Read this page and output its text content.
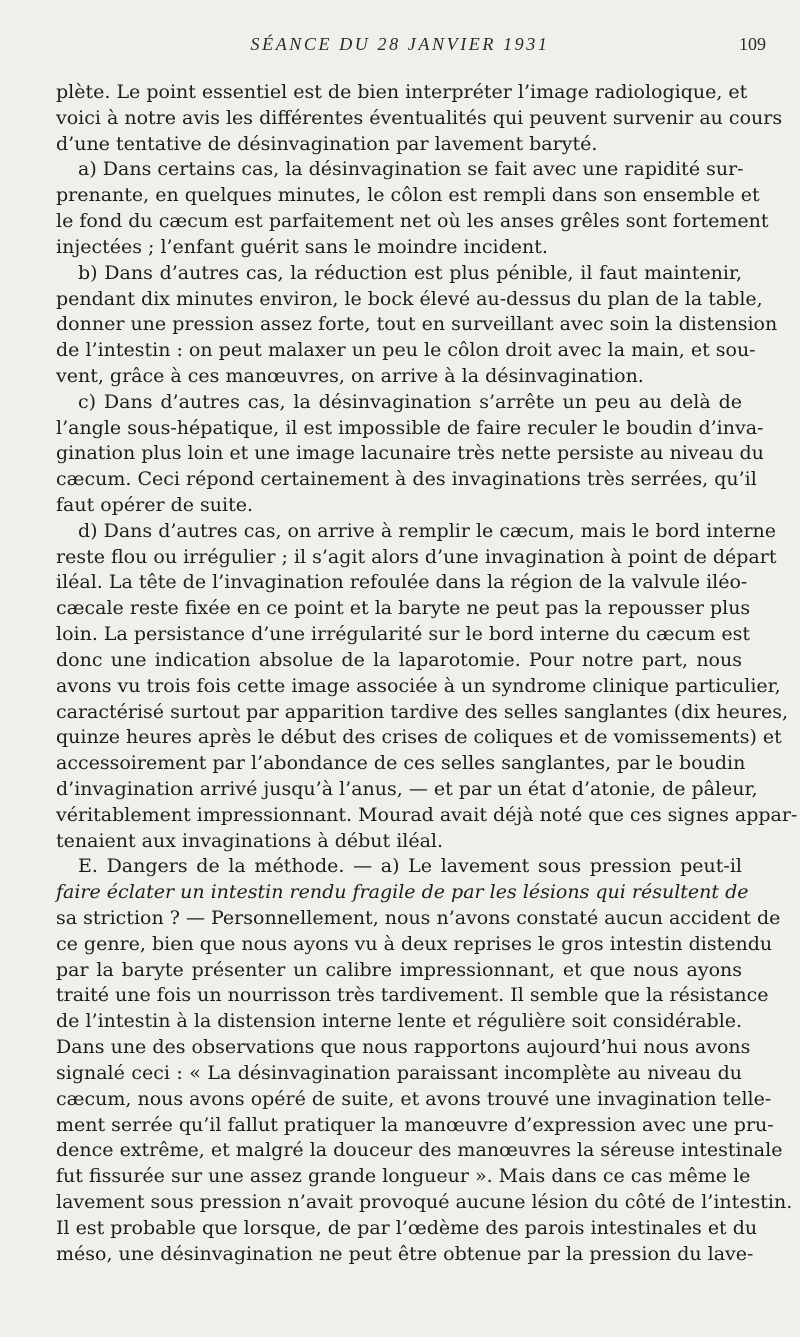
SÉANCE DU 28 JANVIER 1931	109
plète. Le point essentiel est de bien interpréter l’image radiologique, et
voici à notre avis les différentes éventualités qui peuvent survenir au cours
d’une tentative de désinvagination par lavement baryté.
a) Dans certains cas, la désinvagination se fait avec une rapidité sur-
prenante, en quelques minutes, le côlon est rempli dans son ensemble et
le fond du cæcum est parfaitement net où les anses grêles sont fortement
injectées ; l’enfant guérit sans le moindre incident.
b) Dans d’autres cas, la réduction est plus pénible, il faut maintenir,
pendant dix minutes environ, le bock élevé au-dessus du plan de la table,
donner une pression assez forte, tout en surveillant avec soin la distension
de l’intestin : on peut malaxer un peu le côlon droit avec la main, et sou-
vent, grâce à ces manœuvres, on arrive à la désinvagination.
c) Dans d’autres cas, la désinvagination s’arrête un peu au delà de
l’angle sous-hépatique, il est impossible de faire reculer le boudin d’inva-
gination plus loin et une image lacunaire très nette persiste au niveau du
cæcum. Ceci répond certainement à des invaginations très serrées, qu’il
faut opérer de suite.
d) Dans d’autres cas, on arrive à remplir le cæcum, mais le bord interne
reste flou ou irrégulier ; il s’agit alors d’une invagination à point de départ
iléal. La tête de l’invagination refoulée dans la région de la valvule iléo-
cæcale reste fixée en ce point et la baryte ne peut pas la repousser plus
loin. La persistance d’une irrégularité sur le bord interne du cæcum est
donc une indication absolue de la laparotomie. Pour notre part, nous
avons vu trois fois cette image associée à un syndrome clinique particulier,
caractérisé surtout par apparition tardive des selles sanglantes (dix heures,
quinze heures après le début des crises de coliques et de vomissements) et
accessoirement par l’abondance de ces selles sanglantes, par le boudin
d’invagination arrivé jusqu’à l’anus, — et par un état d’atonie, de pâleur,
véritablement impressionnant. Mourad avait déjà noté que ces signes appar-
tenaient aux invaginations à début iléal.
E. Dangers de la méthode. — a) Le lavement sous pression peut-il
faire éclater un intestin rendu fragile de par les lésions qui résultent de
sa striction ? — Personnellement, nous n’avons constaté aucun accident de
ce genre, bien que nous ayons vu à deux reprises le gros intestin distendu
par la baryte présenter un calibre impressionnant, et que nous ayons
traité une fois un nourrisson très tardivement. Il semble que la résistance
de l’intestin à la distension interne lente et régulière soit considérable.
Dans une des observations que nous rapportons aujourd’hui nous avons
signalé ceci : « La désinvagination paraissant incomplète au niveau du
cæcum, nous avons opéré de suite, et avons trouvé une invagination telle-
ment serrée qu’il fallut pratiquer la manœuvre d’expression avec une pru-
dence extrême, et malgré la douceur des manœuvres la séreuse intestinale
fut fissurée sur une assez grande longueur ». Mais dans ce cas même le
lavement sous pression n’avait provoqué aucune lésion du côté de l’intestin.
Il est probable que lorsque, de par l’œdème des parois intestinales et du
méso, une désinvagination ne peut être obtenue par la pression du lave-
